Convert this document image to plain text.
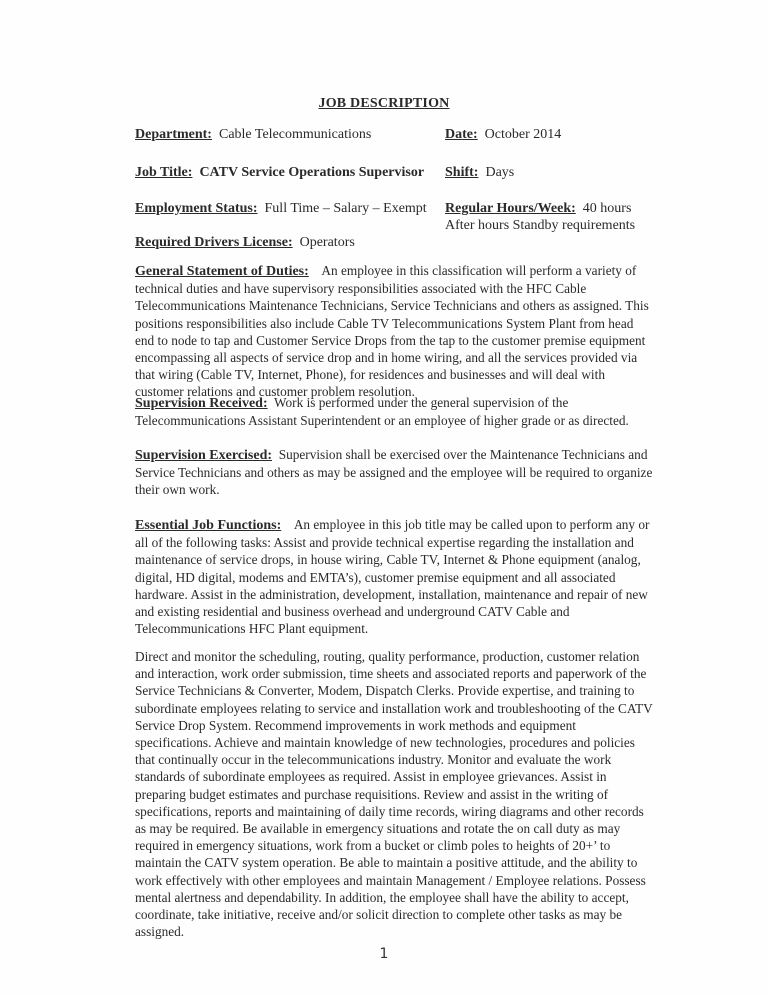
JOB DESCRIPTION
Department: Cable Telecommunications	Date: October 2014
Job Title: CATV Service Operations Supervisor Shift: Days
Employment Status: Full Time – Salary – Exempt Regular Hours/Week: 40 hours
After hours Standby requirements
Required Drivers License: Operators

General Statement of Duties: An employee in this classification will perform a variety of technical duties and have supervisory responsibilities associated with the HFC Cable Telecommunications Maintenance Technicians, Service Technicians and others as assigned. This positions responsibilities also include Cable TV Telecommunications System Plant from head end to node to tap and Customer Service Drops from the tap to the customer premise equipment encompassing all aspects of service drop and in home wiring, and all the services provided via that wiring (Cable TV, Internet, Phone), for residences and businesses and will deal with customer relations and customer problem resolution.

Supervision Received: Work is performed under the general supervision of the Telecommunications Assistant Superintendent or an employee of higher grade or as directed.

Supervision Exercised: Supervision shall be exercised over the Maintenance Technicians and Service Technicians and others as may be assigned and the employee will be required to organize their own work.

Essential Job Functions: An employee in this job title may be called upon to perform any or all of the following tasks: Assist and provide technical expertise regarding the installation and maintenance of service drops, in house wiring, Cable TV, Internet & Phone equipment (analog, digital, HD digital, modems and EMTA’s), customer premise equipment and all associated hardware. Assist in the administration, development, installation, maintenance and repair of new and existing residential and business overhead and underground CATV Cable and Telecommunications HFC Plant equipment.

Direct and monitor the scheduling, routing, quality performance, production, customer relation and interaction, work order submission, time sheets and associated reports and paperwork of the Service Technicians & Converter, Modem, Dispatch Clerks. Provide expertise, and training to subordinate employees relating to service and installation work and troubleshooting of the CATV Service Drop System. Recommend improvements in work methods and equipment specifications. Achieve and maintain knowledge of new technologies, procedures and policies that continually occur in the telecommunications industry. Monitor and evaluate the work standards of subordinate employees as required. Assist in employee grievances. Assist in preparing budget estimates and purchase requisitions. Review and assist in the writing of specifications, reports and maintaining of daily time records, wiring diagrams and other records as may be required. Be available in emergency situations and rotate the on call duty as may required in emergency situations, work from a bucket or climb poles to heights of 20+’ to maintain the CATV system operation. Be able to maintain a positive attitude, and the ability to work effectively with other employees and maintain Management / Employee relations. Possess mental alertness and dependability. In addition, the employee shall have the ability to accept, coordinate, take initiative, receive and/or solicit direction to complete other tasks as may be assigned.

1
